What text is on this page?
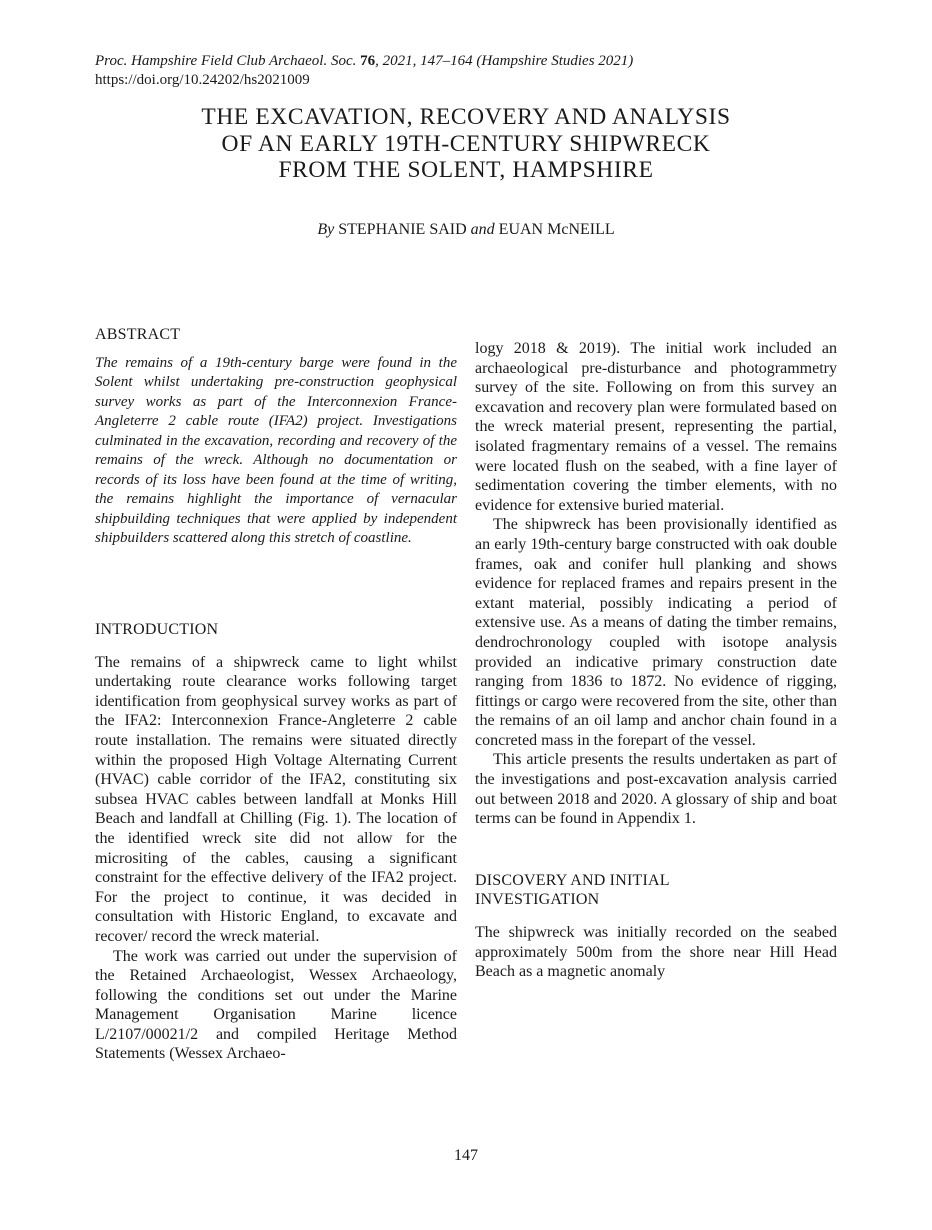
Proc. Hampshire Field Club Archaeol. Soc. 76, 2021, 147–164 (Hampshire Studies 2021)
https://doi.org/10.24202/hs2021009
THE EXCAVATION, RECOVERY AND ANALYSIS
OF AN EARLY 19TH-CENTURY SHIPWRECK
FROM THE SOLENT, HAMPSHIRE
By STEPHANIE SAID and EUAN McNEILL
ABSTRACT

The remains of a 19th-century barge were found in the Solent whilst undertaking pre-construction geophysical survey works as part of the Interconnexion France-Angleterre 2 cable route (IFA2) project. Investigations culminated in the excavation, recording and recovery of the remains of the wreck. Although no documentation or records of its loss have been found at the time of writing, the remains highlight the importance of vernacular shipbuilding techniques that were applied by independent shipbuilders scattered along this stretch of coastline.

INTRODUCTION

The remains of a shipwreck came to light whilst undertaking route clearance works following target identification from geophysical survey works as part of the IFA2: Interconnexion France-Angleterre 2 cable route installation. The remains were situated directly within the proposed High Voltage Alternating Current (HVAC) cable corridor of the IFA2, constituting six subsea HVAC cables between landfall at Monks Hill Beach and landfall at Chilling (Fig. 1). The location of the identified wreck site did not allow for the micrositing of the cables, causing a significant constraint for the effective delivery of the IFA2 project. For the project to continue, it was decided in consultation with Historic England, to excavate and recover/ record the wreck material.

The work was carried out under the supervision of the Retained Archaeologist, Wessex Archaeology, following the conditions set out under the Marine Management Organisation Marine licence L/2107/00021/2 and compiled Heritage Method Statements (Wessex Archaeo-

logy 2018 & 2019). The initial work included an archaeological pre-disturbance and photogrammetry survey of the site. Following on from this survey an excavation and recovery plan were formulated based on the wreck material present, representing the partial, isolated fragmentary remains of a vessel. The remains were located flush on the seabed, with a fine layer of sedimentation covering the timber elements, with no evidence for extensive buried material.

The shipwreck has been provisionally identified as an early 19th-century barge constructed with oak double frames, oak and conifer hull planking and shows evidence for replaced frames and repairs present in the extant material, possibly indicating a period of extensive use. As a means of dating the timber remains, dendrochronology coupled with isotope analysis provided an indicative primary construction date ranging from 1836 to 1872. No evidence of rigging, fittings or cargo were recovered from the site, other than the remains of an oil lamp and anchor chain found in a concreted mass in the forepart of the vessel.

This article presents the results undertaken as part of the investigations and post-excavation analysis carried out between 2018 and 2020. A glossary of ship and boat terms can be found in Appendix 1.

DISCOVERY AND INITIAL
INVESTIGATION

The shipwreck was initially recorded on the seabed approximately 500m from the shore near Hill Head Beach as a magnetic anomaly

147
